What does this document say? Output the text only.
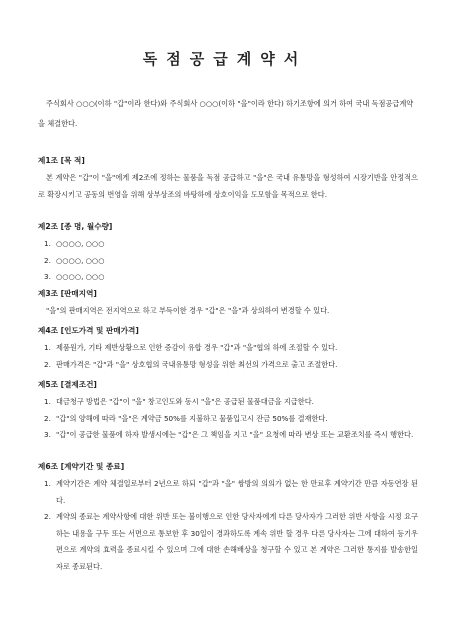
독점공급계약서

주식회사 ○○○(이하 "갑"이라 한다)와 주식회사 ○○○(이하 "을"이라 한다) 하기조항에 의거 하여 국내 독점공급계약을 체결한다.

제1조 [목 적]

본 계약은 "갑"이 "을"에게 제2조에 정하는 물품을 독점 공급하고 "을"은 국내 유통망을 형성하여 시장기반을 안정적으로 확장시키고 공동의 번영을 위해 상부상조의 바탕하에 상호이익을 도모함을 목적으로 한다.

제2조 [종 명, 월수량]

1. ○○○○, ○○○

2. ○○○○, ○○○

3. ○○○○, ○○○

제3조 [판매지역]

"을"의 판매지역은 전지역으로 하고 부득이한 경우 "갑"은 "을"과 상의하여 변경할 수 있다.

제4조 [인도가격 및 판매가격]

1. 제품원가, 기타 제반상황으로 인한 증감이 유합 경우 "갑"과 "을"협의 하에 조절할 수 있다.

2. 판매가격은 "갑"과 "을" 상호협의 국내유통망 형성을 위한 최선의 가격으로 출고 조절한다.

제5조 [결제조건]

1. 대금청구 방법은 "갑"이 "을" 창고인도와 동시 "을"은 공급된 물품대금을 지급한다.

2. "갑"의 양해에 따라 "을"은 계약금 50%를 지불하고 물품입고시 잔금 50%를 결재한다.

3. "갑"이 공급한 물품에 하자 발생시에는 "갑"은 그 책임을 지고 "을" 요청에 따라 변상 또는 교환조치를 즉시 행한다.

제6조 [계약기간 및 종료]

1. 계약기간은 계약 체결일로부터 2년으로 하되 "갑"과 "을" 쌍방의 의의가 없는 한 만료후 계약기간 만큼 자동연장 된다.

2. 계약의 종료는 계약사항에 대한 위반 또는 불이행으로 인한 당사자에게 다른 당사자가 그러한 위반 사항을 시정 요구하는 내용을 구두 또는 서면으로 통보한 후 30일이 경과하도록 계속 위반 할 경우 다른 당사자는 그에 대하여 등기우편으로 계약의 효력을 종료시킬 수 있으며 그에 대한 손해배상을 청구할 수 있고 본 계약은 그러한 통지를 발송한일자로 종료된다.
